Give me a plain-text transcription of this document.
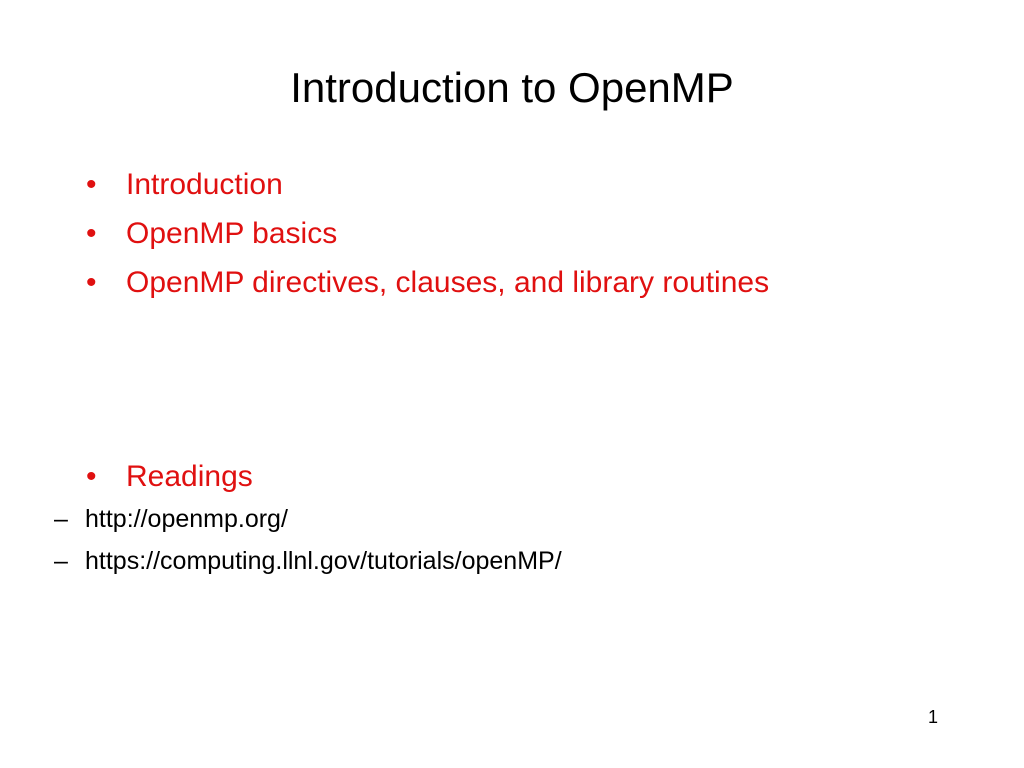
Introduction to OpenMP
• Introduction
• OpenMP basics
• OpenMP directives, clauses, and library routines
• Readings
– http://openmp.org/
– https://computing.llnl.gov/tutorials/openMP/
1
